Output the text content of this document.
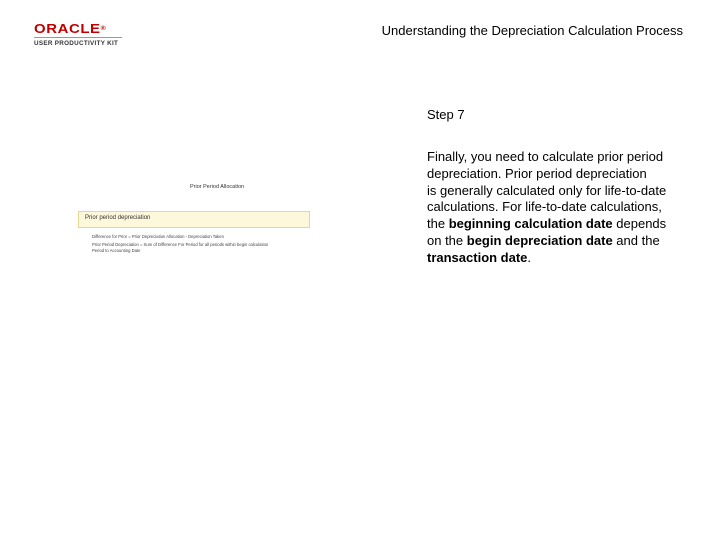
ORACLE®
USER PRODUCTIVITY KIT
Understanding the Depreciation Calculation Process
Step 7

Finally, you need to calculate prior period depreciation. Prior period depreciation
is generally calculated only for life-to-date calculations. For life-to-date calculations,
the beginning calculation date depends on the begin depreciation date and the transaction date.

Prior Period Allocation
Prior period depreciation
Difference for Prior = Prior Depreciation Allocation - Depreciation Taken
Prior Period Depreciation = Sum of Difference For Period for all periods within begin calculation
Period to Accounting Date
